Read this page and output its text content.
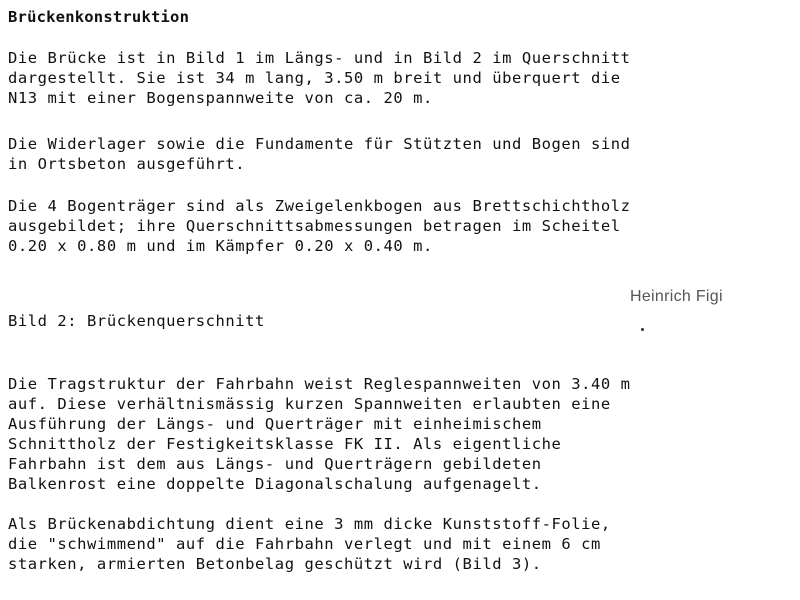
Brückenkonstruktion

Die Brücke ist in Bild 1 im Längs- und in Bild 2 im Querschnitt
dargestellt. Sie ist 34 m lang, 3.50 m breit und überquert die
N13 mit einer Bogenspannweite von ca. 20 m.

Die Widerlager sowie die Fundamente für Stützten und Bogen sind
in Ortsbeton ausgeführt.

Die 4 Bogenträger sind als Zweigelenkbogen aus Brettschichtholz
ausgebildet; ihre Querschnittsabmessungen betragen im Scheitel
0.20 x 0.80 m und im Kämpfer 0.20 x 0.40 m.

Heinrich Figi
Bild 2: Brückenquerschnitt

Die Tragstruktur der Fahrbahn weist Reglespannweiten von 3.40 m
auf. Diese verhältnismässig kurzen Spannweiten erlaubten eine
Ausführung der Längs- und Querträger mit einheimischem
Schnittholz der Festigkeitsklasse FK II. Als eigentliche
Fahrbahn ist dem aus Längs- und Querträgern gebildeten
Balkenrost eine doppelte Diagonalschalung aufgenagelt.

Als Brückenabdichtung dient eine 3 mm dicke Kunststoff-Folie,
die "schwimmend" auf die Fahrbahn verlegt und mit einem 6 cm
starken, armierten Betonbelag geschützt wird (Bild 3).
